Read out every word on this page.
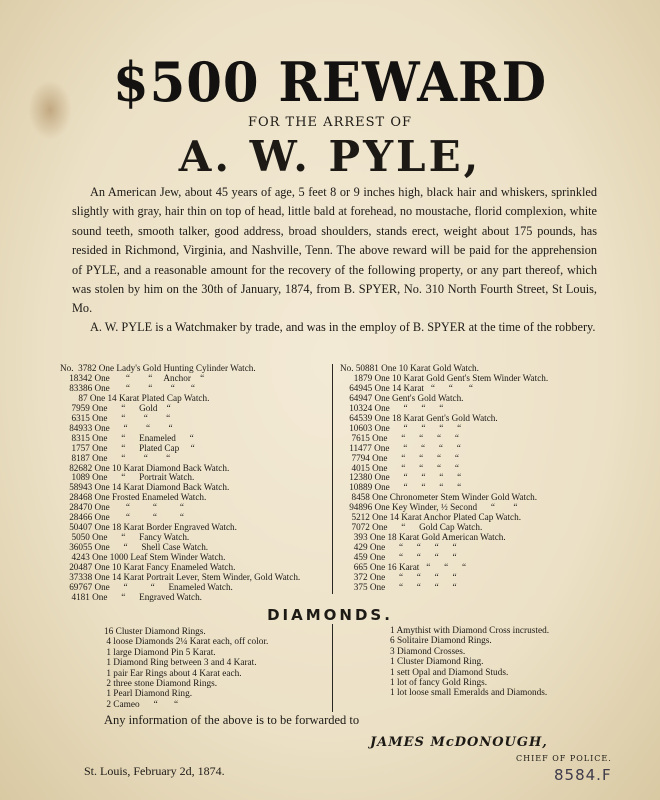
$500 REWARD
FOR THE ARREST OF
A. W. PYLE,
An American Jew, about 45 years of age, 5 feet 8 or 9 inches high, black hair and whiskers, sprinkled slightly with gray, hair thin on top of head, little bald at forehead, no moustache, florid complexion, white sound teeth, smooth talker, good address, broad shoulders, stands erect, weight about 175 pounds, has resided in Richmond, Virginia, and Nashville, Tenn. The above reward will be paid for the apprehension of PYLE, and a reasonable amount for the recovery of the following property, or any part thereof, which was stolen by him on the 30th of January, 1874, from B. SPYER, No. 310 North Fourth Street, St Louis, Mo.
A. W. PYLE is a Watchmaker by trade, and was in the employ of B. SPYER at the time of the robbery.
No.  3782 One Lady's Gold Hunting Cylinder Watch.
18342 One       “        “     Anchor    “
83386 One       “        “        “       “
87 One 14 Karat Plated Cap Watch.
7959 One      “      Gold    “
6315 One      “        “        “
84933 One      “        “        “
8315 One      “      Enameled      “
1757 One      “      Plated Cap     “
8187 One      “        “        “
82682 One 10 Karat Diamond Back Watch.
1089 One      “      Portrait Watch.
58943 One 14 Karat Diamond Back Watch.
28468 One Frosted Enameled Watch.
28470 One       “          “          “
28466 One       “          “          “
50407 One 18 Karat Border Engraved Watch.
5050 One      “      Fancy Watch.
36055 One      “      Shell Case Watch.
4243 One 1000 Leaf Stem Winder Watch.
20487 One 10 Karat Fancy Enameled Watch.
37338 One 14 Karat Portrait Lever, Stem Winder, Gold Watch.
69767 One      “          “      Enameled Watch.
4181 One      “      Engraved Watch.
No. 50881 One 10 Karat Gold Watch.
1879 One 10 Karat Gold Gent's Stem Winder Watch.
64945 One 14 Karat   “      “       “
64947 One Gent's Gold Watch.
10324 One      “      “      “
64539 One 18 Karat Gent's Gold Watch.
10603 One      “      “      “      “
7615 One      “      “      “      “
11477 One      “      “      “      “
7794 One      “      “      “      “
4015 One      “      “      “      “
12380 One      “      “      “      “
10889 One      “      “      “      “
8458 One Chronometer Stem Winder Gold Watch.
94896 One Key Winder, ½ Second      “        “
5212 One 14 Karat Anchor Plated Cap Watch.
7072 One      “      Gold Cap Watch.
393 One 18 Karat Gold American Watch.
429 One      “      “      “      “
459 One      “      “      “      “
665 One 16 Karat   “      “      “
372 One      “      “      “      “
375 One      “      “      “      “
DIAMONDS.
16 Cluster Diamond Rings.
4 loose Diamonds 2¼ Karat each, off color.
1 large Diamond Pin 5 Karat.
1 Diamond Ring between 3 and 4 Karat.
1 pair Ear Rings about 4 Karat each.
2 three stone Diamond Rings.
1 Pearl Diamond Ring.
2 Cameo      “       “
1 Amythist with Diamond Cross incrusted.
6 Solitaire Diamond Rings.
3 Diamond Crosses.
1 Cluster Diamond Ring.
1 sett Opal and Diamond Studs.
1 lot of fancy Gold Rings.
1 lot loose small Emeralds and Diamonds.
Any information of the above is to be forwarded to
JAMES McDONOUGH,
CHIEF OF POLICE.
St. Louis, February 2d, 1874.	8584.F
